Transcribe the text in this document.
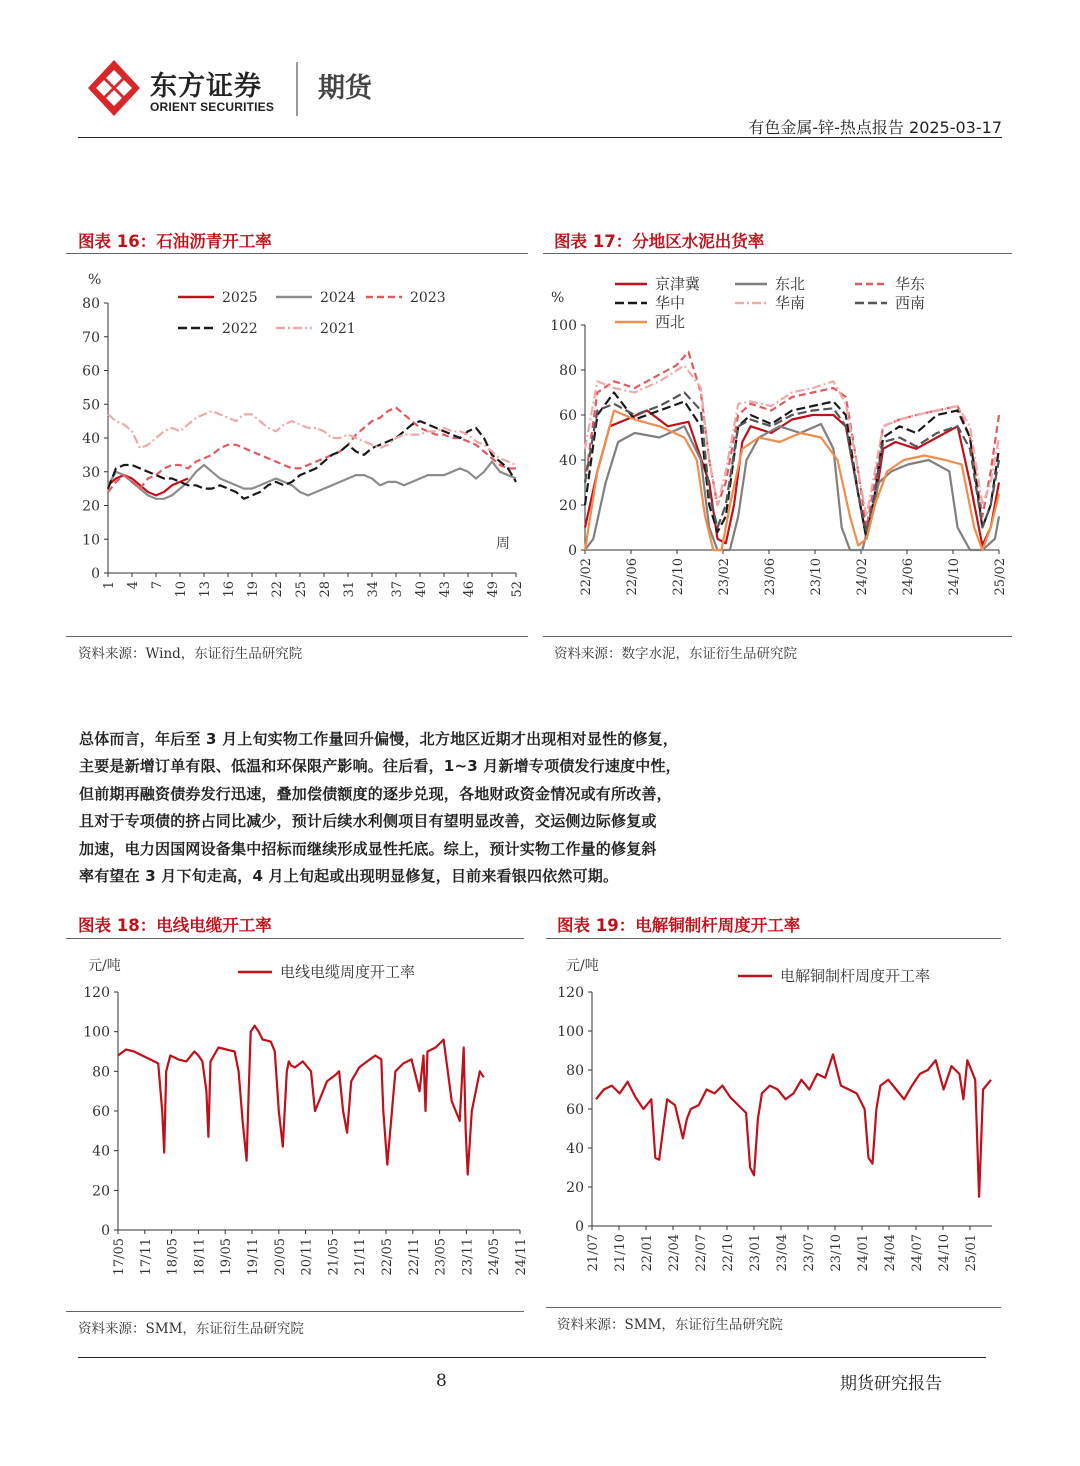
东方证券
ORIENT SECURITIES
期货
有色金属-锌-热点报告 2025-03-17
图表 16：石油沥青开工率
0
10
20
30
40
50
60
70
80
%
1 4 7 10 13 16 19 22 25 28 31 34 37 40 43 46 49 52
周
2025	2024	2023
2022	2021
资料来源：Wind，东证衍生品研究院
图表 17：分地区水泥出货率
0
20
40
60
80
100
%
22/02 22/06 22/10 23/02 23/06 23/10 24/02 24/06 24/10 25/02
京津冀	东北	华东
华中	华南	西南
西北
资料来源：数字水泥，东证衍生品研究院
总体而言，年后至 3 月上旬实物工作量回升偏慢，北方地区近期才出现相对显性的修复，
主要是新增订单有限、低温和环保限产影响。往后看，1~3 月新增专项债发行速度中性，
但前期再融资债券发行迅速，叠加偿债额度的逐步兑现，各地财政资金情况或有所改善，
且对于专项债的挤占同比减少，预计后续水利侧项目有望明显改善，交运侧边际修复或
加速，电力因国网设备集中招标而继续形成显性托底。综上，预计实物工作量的修复斜
率有望在 3 月下旬走高，4 月上旬起或出现明显修复，目前来看银四依然可期。
图表 18：电线电缆开工率
0
20
40
60
80
100
120
元/吨
17/05 17/11 18/05 18/11 19/05 19/11 20/05 20/11 21/05 21/11 22/05 22/11 23/05 23/11 24/05 24/11
电线电缆周度开工率
资料来源：SMM，东证衍生品研究院
图表 19：电解铜制杆周度开工率
0
20
40
60
80
100
120
元/吨
21/07 21/10 22/01 22/04 22/07 22/10 23/01 23/04 23/07 23/10 24/01 24/04 24/07 24/10 25/01
电解铜制杆周度开工率
资料来源：SMM，东证衍生品研究院
8	期货研究报告
